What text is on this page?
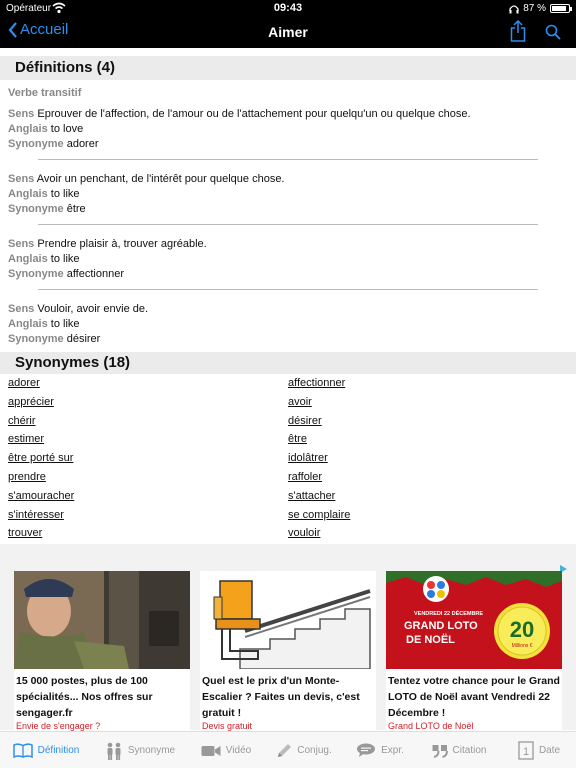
Opérateur	09:43	87 %
Accueil	Aimer
Définitions (4)
Verbe transitif
Sens Eprouver de l'affection, de l'amour ou de l'attachement pour quelqu'un ou quelque chose.
Anglais to love
Synonyme adorer
Sens Avoir un penchant, de l'intérêt pour quelque chose.
Anglais to like
Synonyme être
Sens Prendre plaisir à, trouver agréable.
Anglais to like
Synonyme affectionner
Sens Vouloir, avoir envie de.
Anglais to like
Synonyme désirer
Synonymes (18)
adorer	affectionner
apprécier	avoir
chérir	désirer
estimer	être
être porté sur	idolâtrer
prendre	raffoler
s'amouracher	s'attacher
s'intéresser	se complaire
trouver	vouloir
15 000 postes, plus de 100 spécialités... Nos offres sur sengager.fr
Envie de s'engager ?
Quel est le prix d'un Monte-Escalier ? Faites un devis, c'est gratuit !
Devis gratuit
VENDREDI 22 DÉCEMBRE
GRAND LOTO
DE NOËL 20
Millions €
Tentez votre chance pour le Grand LOTO de Noël avant Vendredi 22 Décembre !
Grand LOTO de Noël
Définition	Synonyme	Vidéo	Conjug.	Expr.	Citation	1 Date
